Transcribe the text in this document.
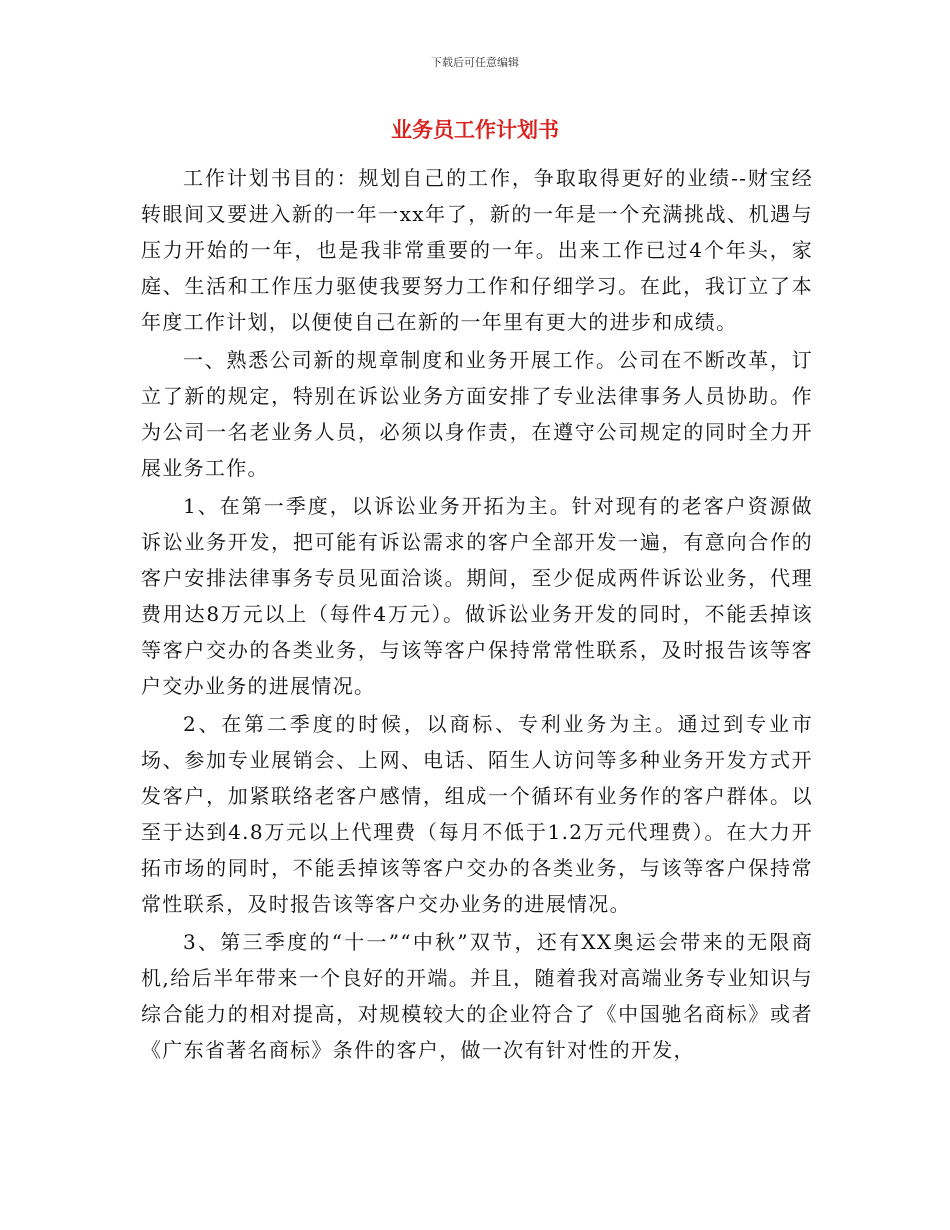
下载后可任意编辑
业务员工作计划书

工作计划书目的：规划自己的工作，争取取得更好的业绩--财宝经转眼间又要进入新的一年一xx年了，新的一年是一个充满挑战、机遇与压力开始的一年，也是我非常重要的一年。出来工作已过4个年头，家庭、生活和工作压力驱使我要努力工作和仔细学习。在此，我订立了本年度工作计划，以便使自己在新的一年里有更大的进步和成绩。

一、熟悉公司新的规章制度和业务开展工作。公司在不断改革，订立了新的规定，特别在诉讼业务方面安排了专业法律事务人员协助。作为公司一名老业务人员，必须以身作责，在遵守公司规定的同时全力开展业务工作。

1、在第一季度，以诉讼业务开拓为主。针对现有的老客户资源做诉讼业务开发，把可能有诉讼需求的客户全部开发一遍，有意向合作的客户安排法律事务专员见面洽谈。期间，至少促成两件诉讼业务，代理费用达8万元以上（每件4万元）。做诉讼业务开发的同时，不能丢掉该等客户交办的各类业务，与该等客户保持常常性联系，及时报告该等客户交办业务的进展情况。

2、在第二季度的时候，以商标、专利业务为主。通过到专业市场、参加专业展销会、上网、电话、陌生人访问等多种业务开发方式开发客户，加紧联络老客户感情，组成一个循环有业务作的客户群体。以至于达到4.8万元以上代理费（每月不低于1.2万元代理费）。在大力开拓市场的同时，不能丢掉该等客户交办的各类业务，与该等客户保持常常性联系，及时报告该等客户交办业务的进展情况。

3、第三季度的“十一”“中秋”双节，还有XX奥运会带来的无限商机,给后半年带来一个良好的开端。并且，随着我对高端业务专业知识与综合能力的相对提高，对规模较大的企业符合了《中国驰名商标》或者《广东省著名商标》条件的客户，做一次有针对性的开发，
